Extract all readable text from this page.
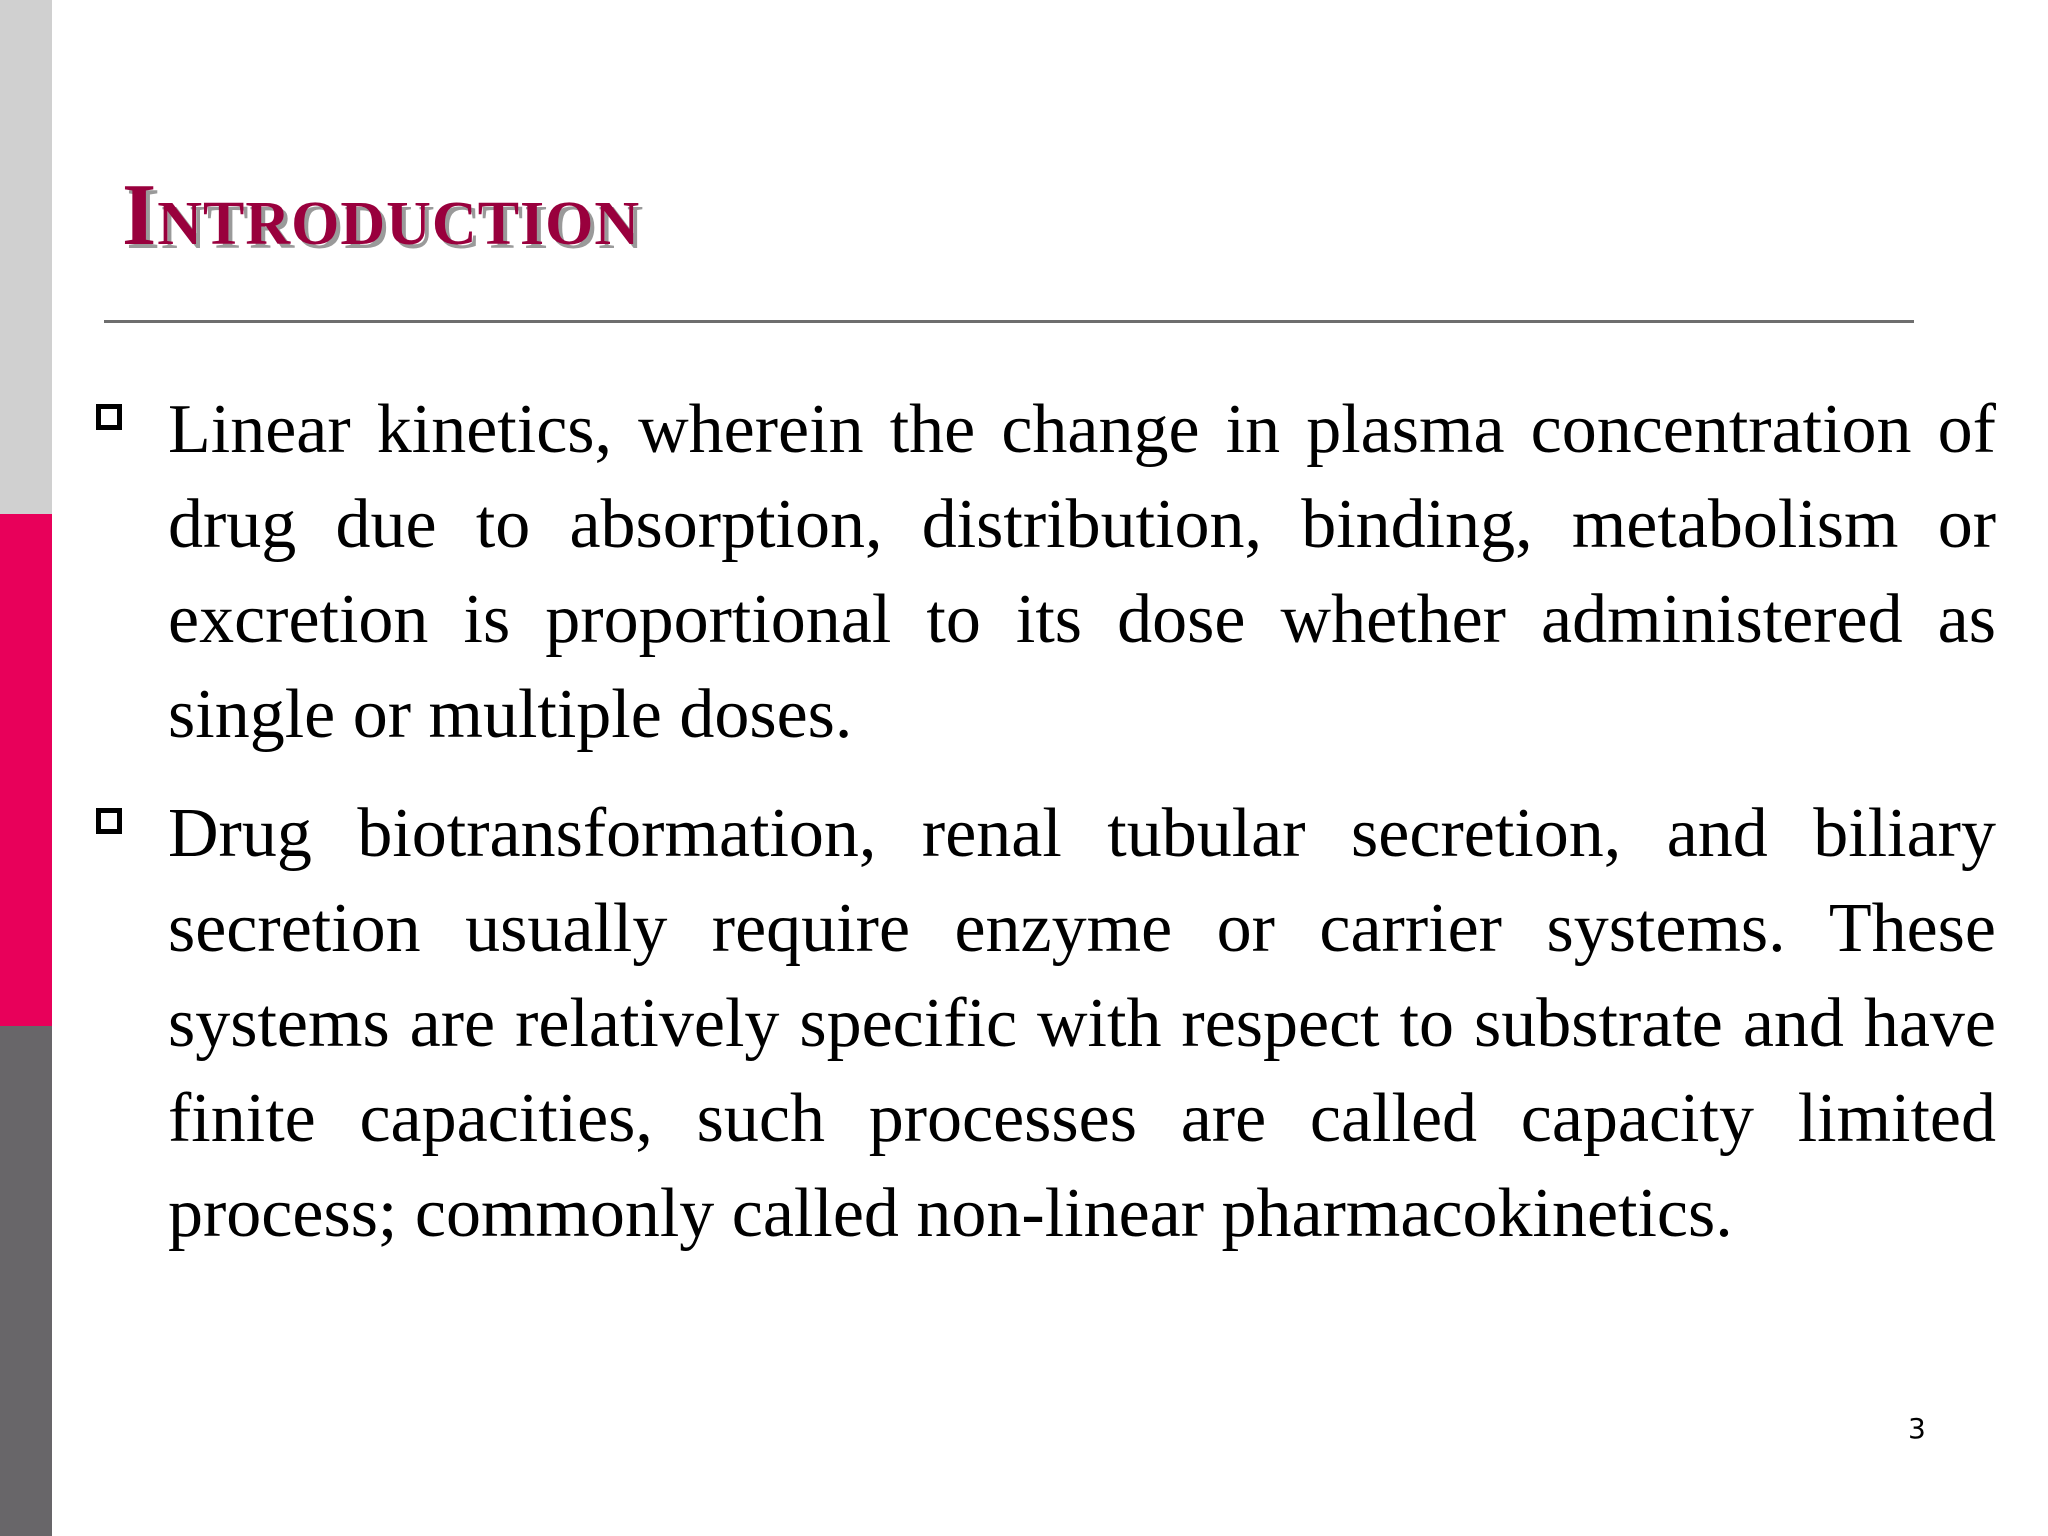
Introduction
Linear kinetics, wherein the change in plasma concentration of drug due to absorption, distribution, binding, metabolism or excretion is proportional to its dose whether administered as single or multiple doses.
Drug biotransformation, renal tubular secretion, and biliary secretion usually require enzyme or carrier systems. These systems are relatively specific with respect to substrate and have finite capacities, such processes are called capacity limited process; commonly called non-linear pharmacokinetics.
3
